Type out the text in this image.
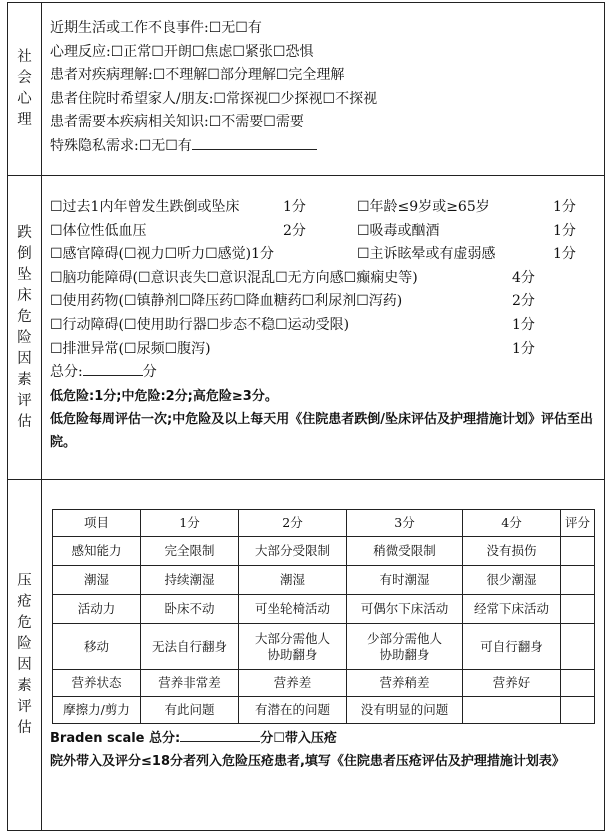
社
会
心
理
近期生活或工作不良事件:☐无☐有
心理反应:☐正常☐开朗☐焦虑☐紧张☐恐惧
患者对疾病理解:☐不理解☐部分理解☐完全理解
患者住院时希望家人/朋友:☐常探视☐少探视☐不探视
患者需要本疾病相关知识:☐不需要☐需要
特殊隐私需求:☐无☐有
跌
倒
坠
床
危
险
因
素
评
估
☐过去1内年曾发生跌倒或坠床	1分	☐年龄≤9岁或≥65岁	1分
☐体位性低血压	2分	☐吸毒或酗酒	1分
☐感官障碍(☐视力☐听力☐感觉)1分	☐主诉眩晕或有虚弱感	1分
☐脑功能障碍(☐意识丧失☐意识混乱☐无方向感☐癫痫史等)	4分
☐使用药物(☐镇静剂☐降压药☐降血糖药☐利尿剂☐泻药)	2分
☐行动障碍(☐使用助行器☐步态不稳☐运动受限)	1分
☐排泄异常(☐尿频☐腹泻)	1分
总分:	分
低危险:1分;中危险:2分;高危险≥3分。
低危险每周评估一次;中危险及以上每天用《住院患者跌倒/坠床评估及护理措施计划》评估至出院。
压
疮
危
险
因
素
评
估
项目	1分	2分	3分	4分	评分
感知能力	完全限制	大部分受限制	稍微受限制	没有损伤	
潮湿	持续潮湿	潮湿	有时潮湿	很少潮湿	
活动力	卧床不动	可坐轮椅活动	可偶尔下床活动	经常下床活动	
移动	无法自行翻身	大部分需他人协助翻身	少部分需他人协助翻身	可自行翻身	
营养状态	营养非常差	营养差	营养稍差	营养好	
摩擦力/剪力	有此问题	有潜在的问题	没有明显的问题		
Braden scale 总分:	分☐带入压疮
院外带入及评分≤18分者列入危险压疮患者,填写《住院患者压疮评估及护理措施计划表》
